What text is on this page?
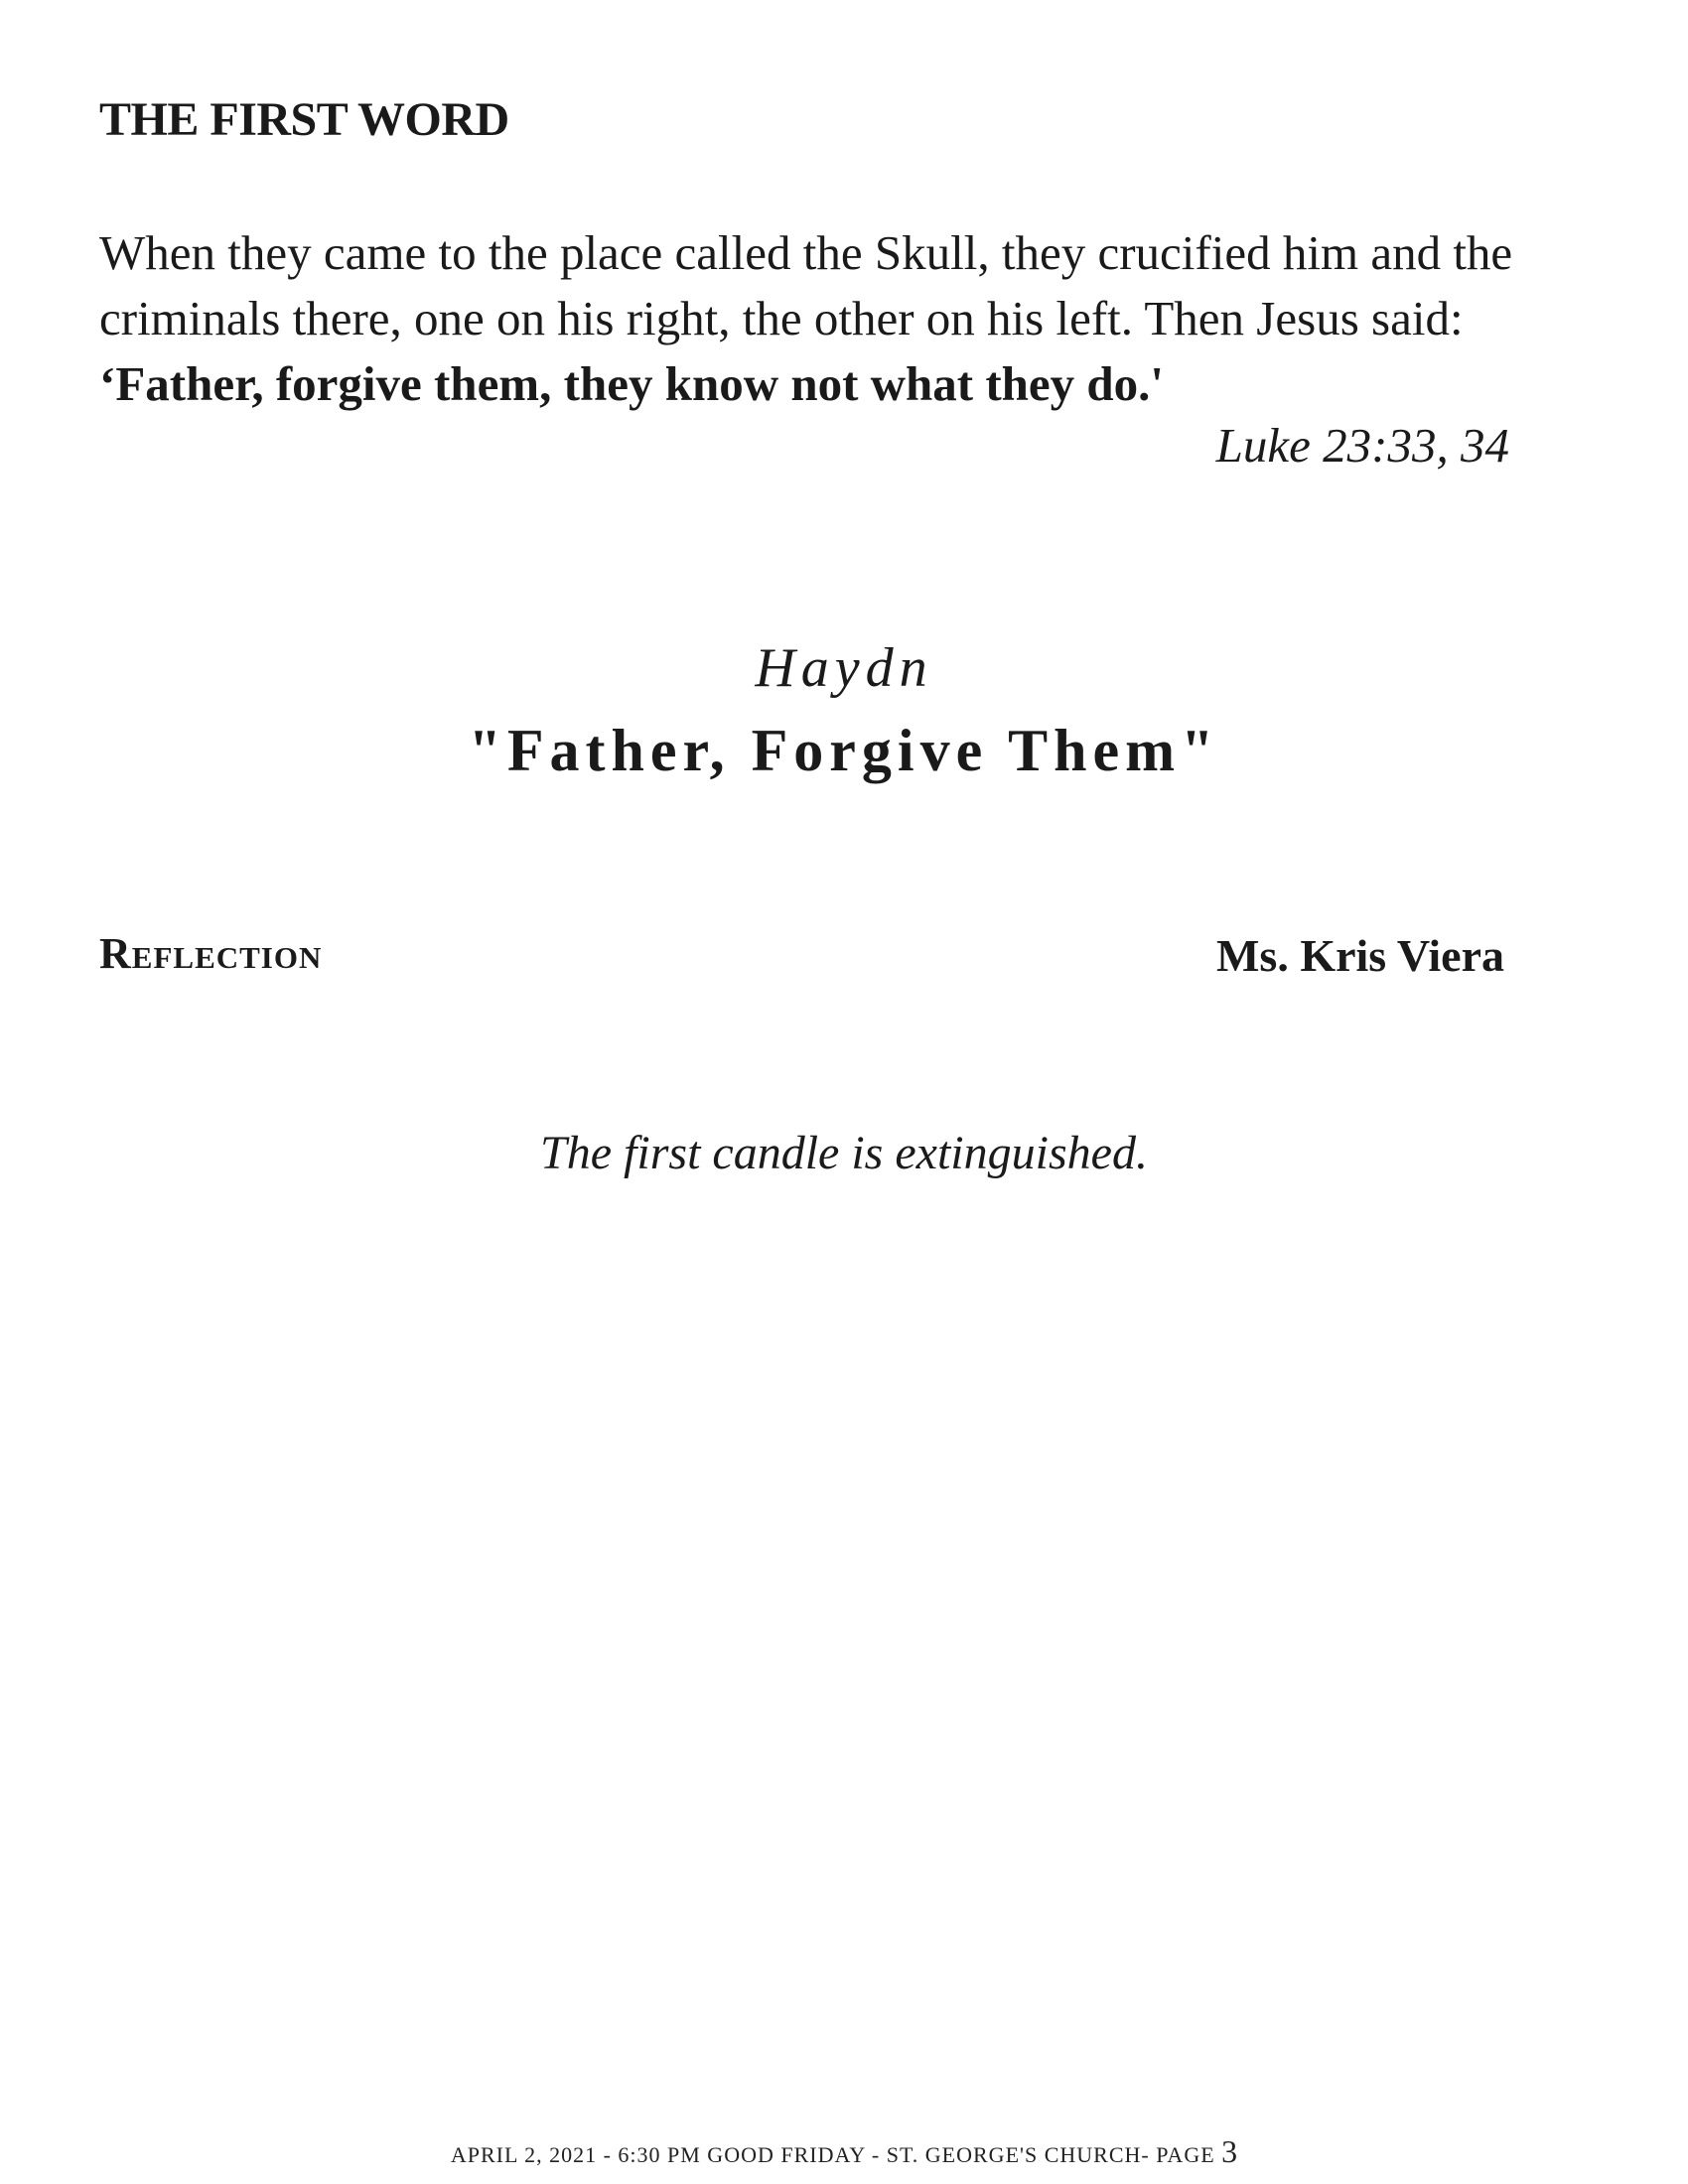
THE FIRST WORD

When they came to the place called the Skull, they crucified him and the criminals there, one on his right, the other on his left. Then Jesus said: ‘Father, forgive them, they know not what they do.'

Luke 23:33, 34

Haydn

"Father, Forgive Them"

Reflection	Ms. Kris Viera

The first candle is extinguished.

APRIL 2, 2021 - 6:30 PM GOOD FRIDAY - ST. GEORGE'S CHURCH- PAGE 3
